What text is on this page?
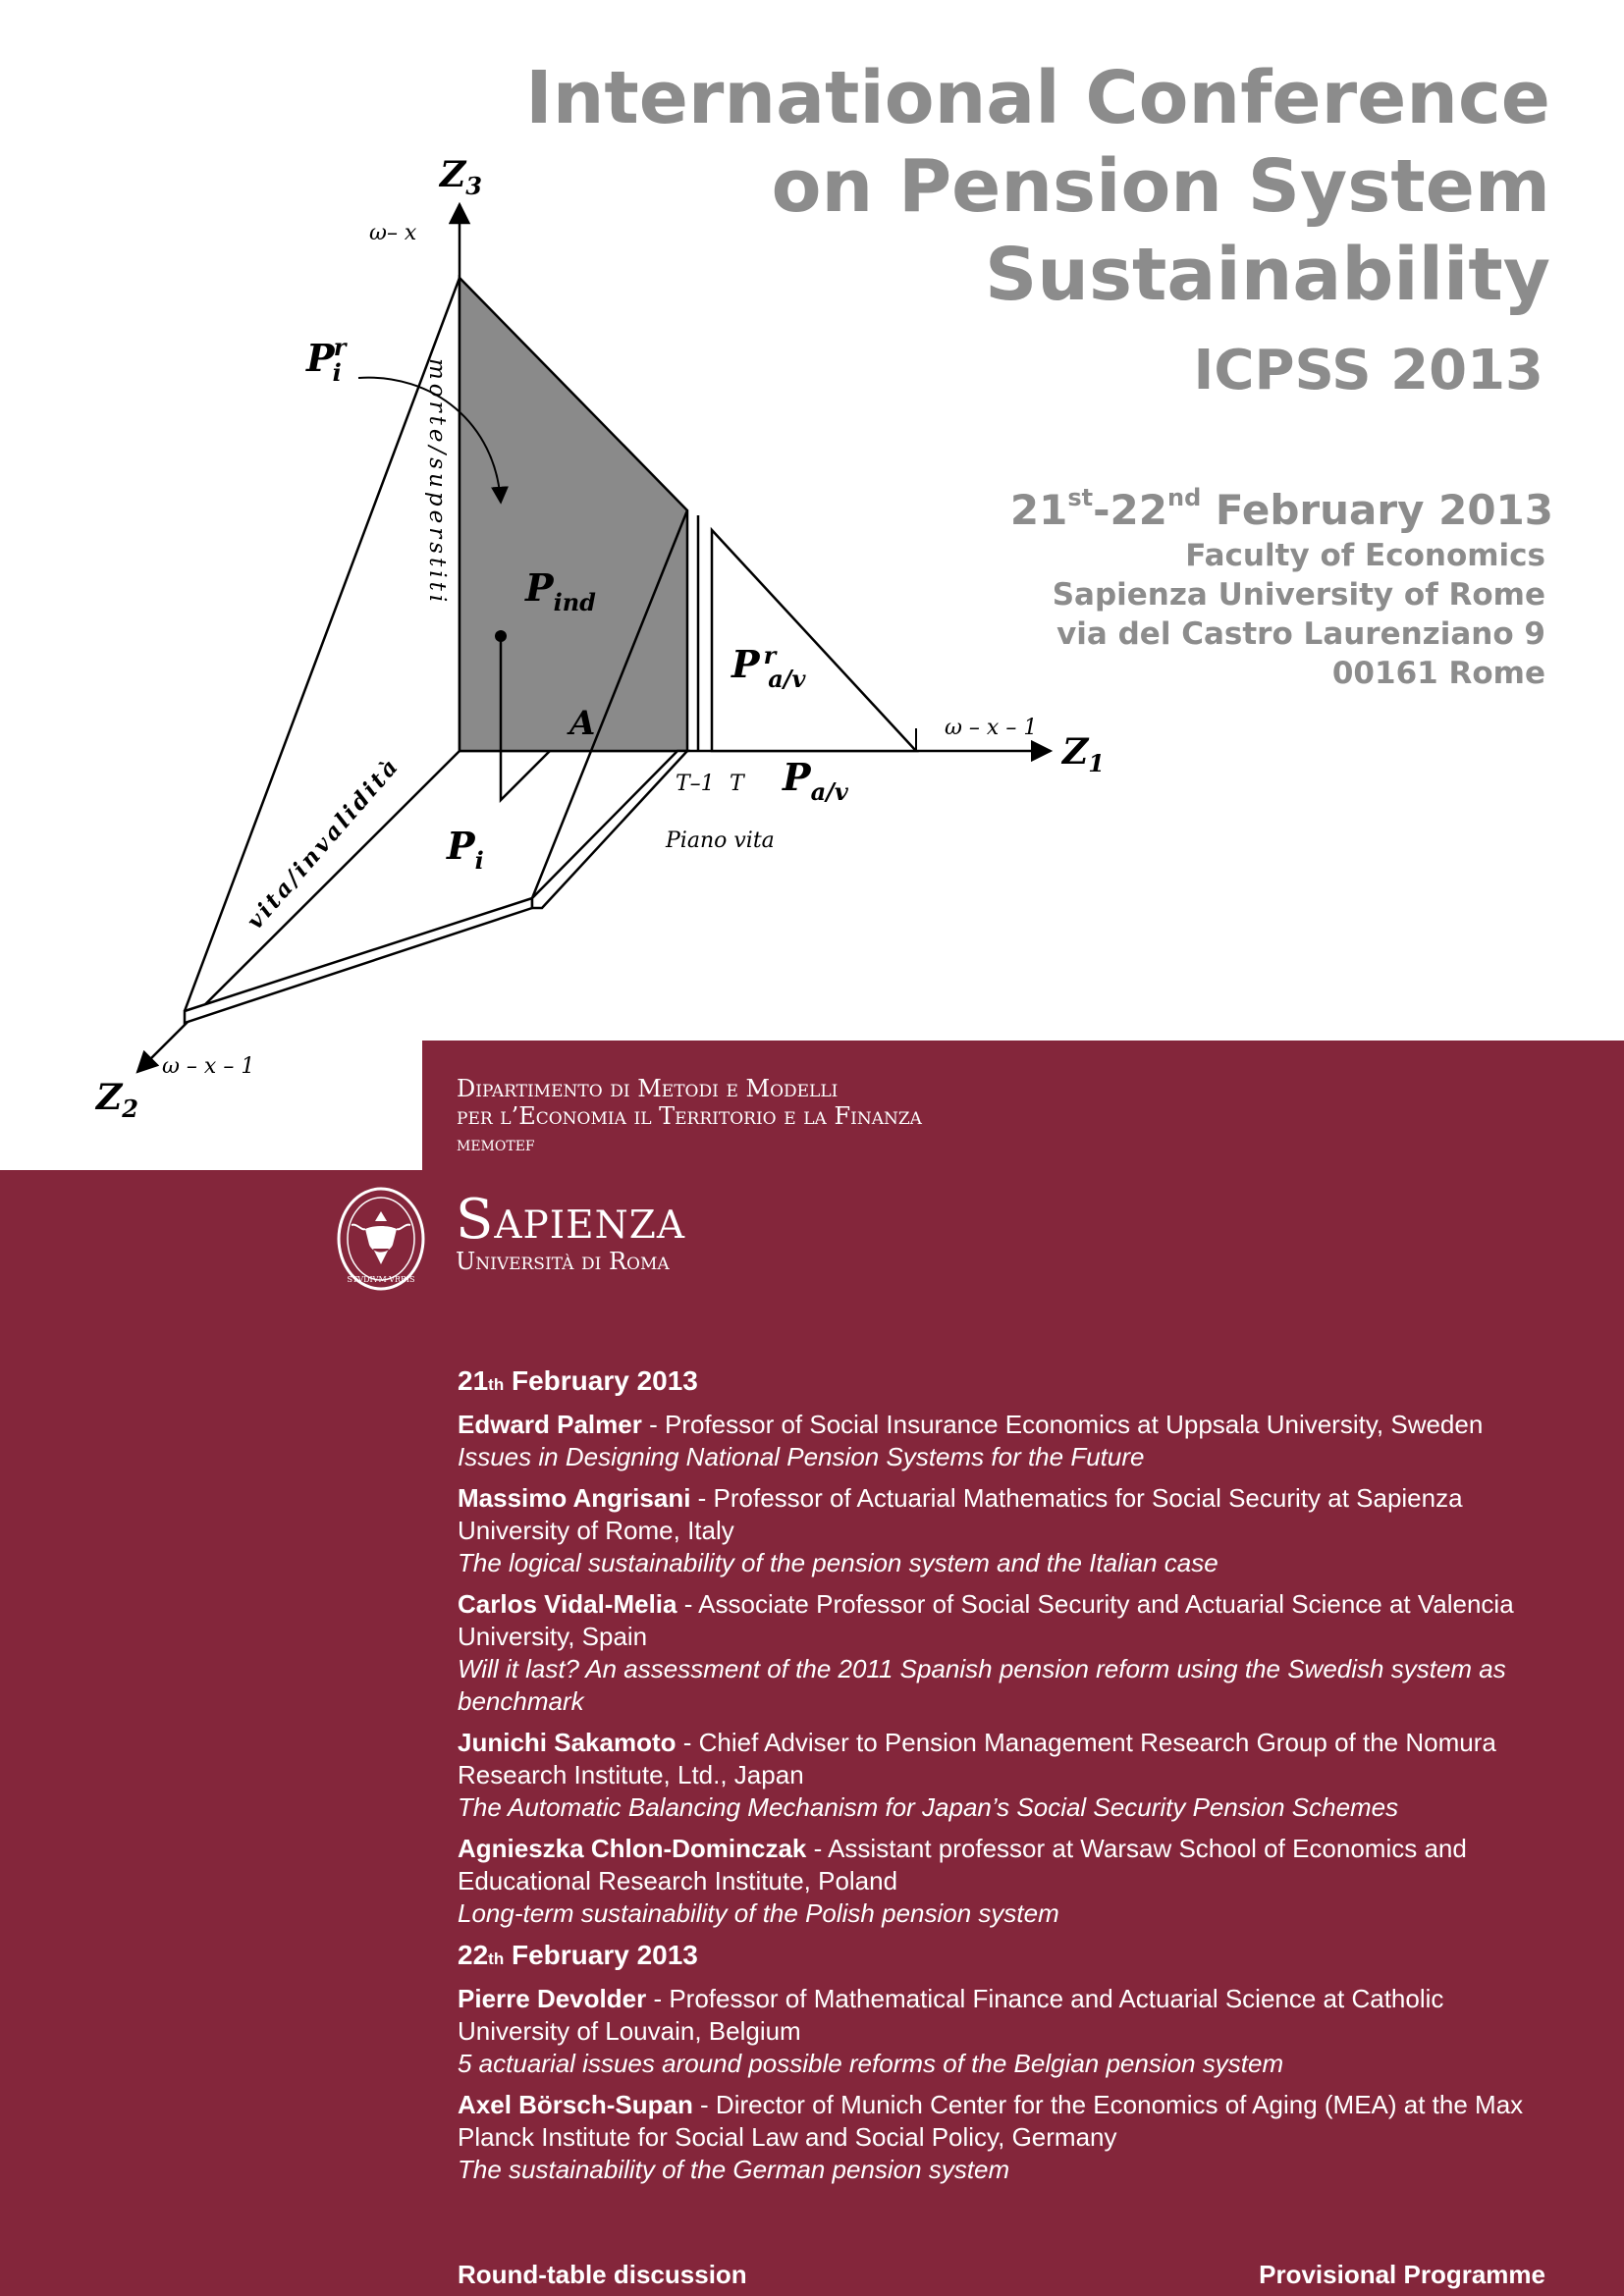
International Conference
on Pension System
Sustainability
ICPSS 2013
21st-22nd February 2013
Faculty of Economics
Sapienza University of Rome
via del Castro Laurenziano 9
00161 Rome
$Z_3$
$Z_1$
$Z_2$
ω– x
ω – x – 1
ω – x – 1
Pir
$P_{ind}$
P $^r$ a/v
$P_{a/v}$
$P_i$
A
T–1 T
Piano vita
morte/superstiti
vita/invalidità
Dipartimento di Metodi e Modelli
per l’Economia il Territorio e la Finanza
memotef
STVDIVM VRBIS
Sapienza
Università di Roma
21th February 2013
Edward Palmer - Professor of Social Insurance Economics at Uppsala University, Sweden
Issues in Designing National Pension Systems for the Future
Massimo Angrisani - Professor of Actuarial Mathematics for Social Security at Sapienza University of Rome, Italy
The logical sustainability of the pension system and the Italian case
Carlos Vidal-Melia - Associate Professor of Social Security and Actuarial Science at Valencia University, Spain
Will it last? An assessment of the 2011 Spanish pension reform using the Swedish system as benchmark
Junichi Sakamoto - Chief Adviser to Pension Management Research Group of the Nomura Research Institute, Ltd., Japan
The Automatic Balancing Mechanism for Japan’s Social Security Pension Schemes
Agnieszka Chlon-Dominczak - Assistant professor at Warsaw School of Economics and Educational Research Institute, Poland
Long-term sustainability of the Polish pension system
22th February 2013
Pierre Devolder - Professor of Mathematical Finance and Actuarial Science at Catholic University of Louvain, Belgium
5 actuarial issues around possible reforms of the Belgian pension system
Axel Börsch-Supan - Director of Munich Center for the Economics of Aging (MEA) at the Max Planck Institute for Social Law and Social Policy, Germany
The sustainability of the German pension system
Round-table discussion	Provisional Programme
